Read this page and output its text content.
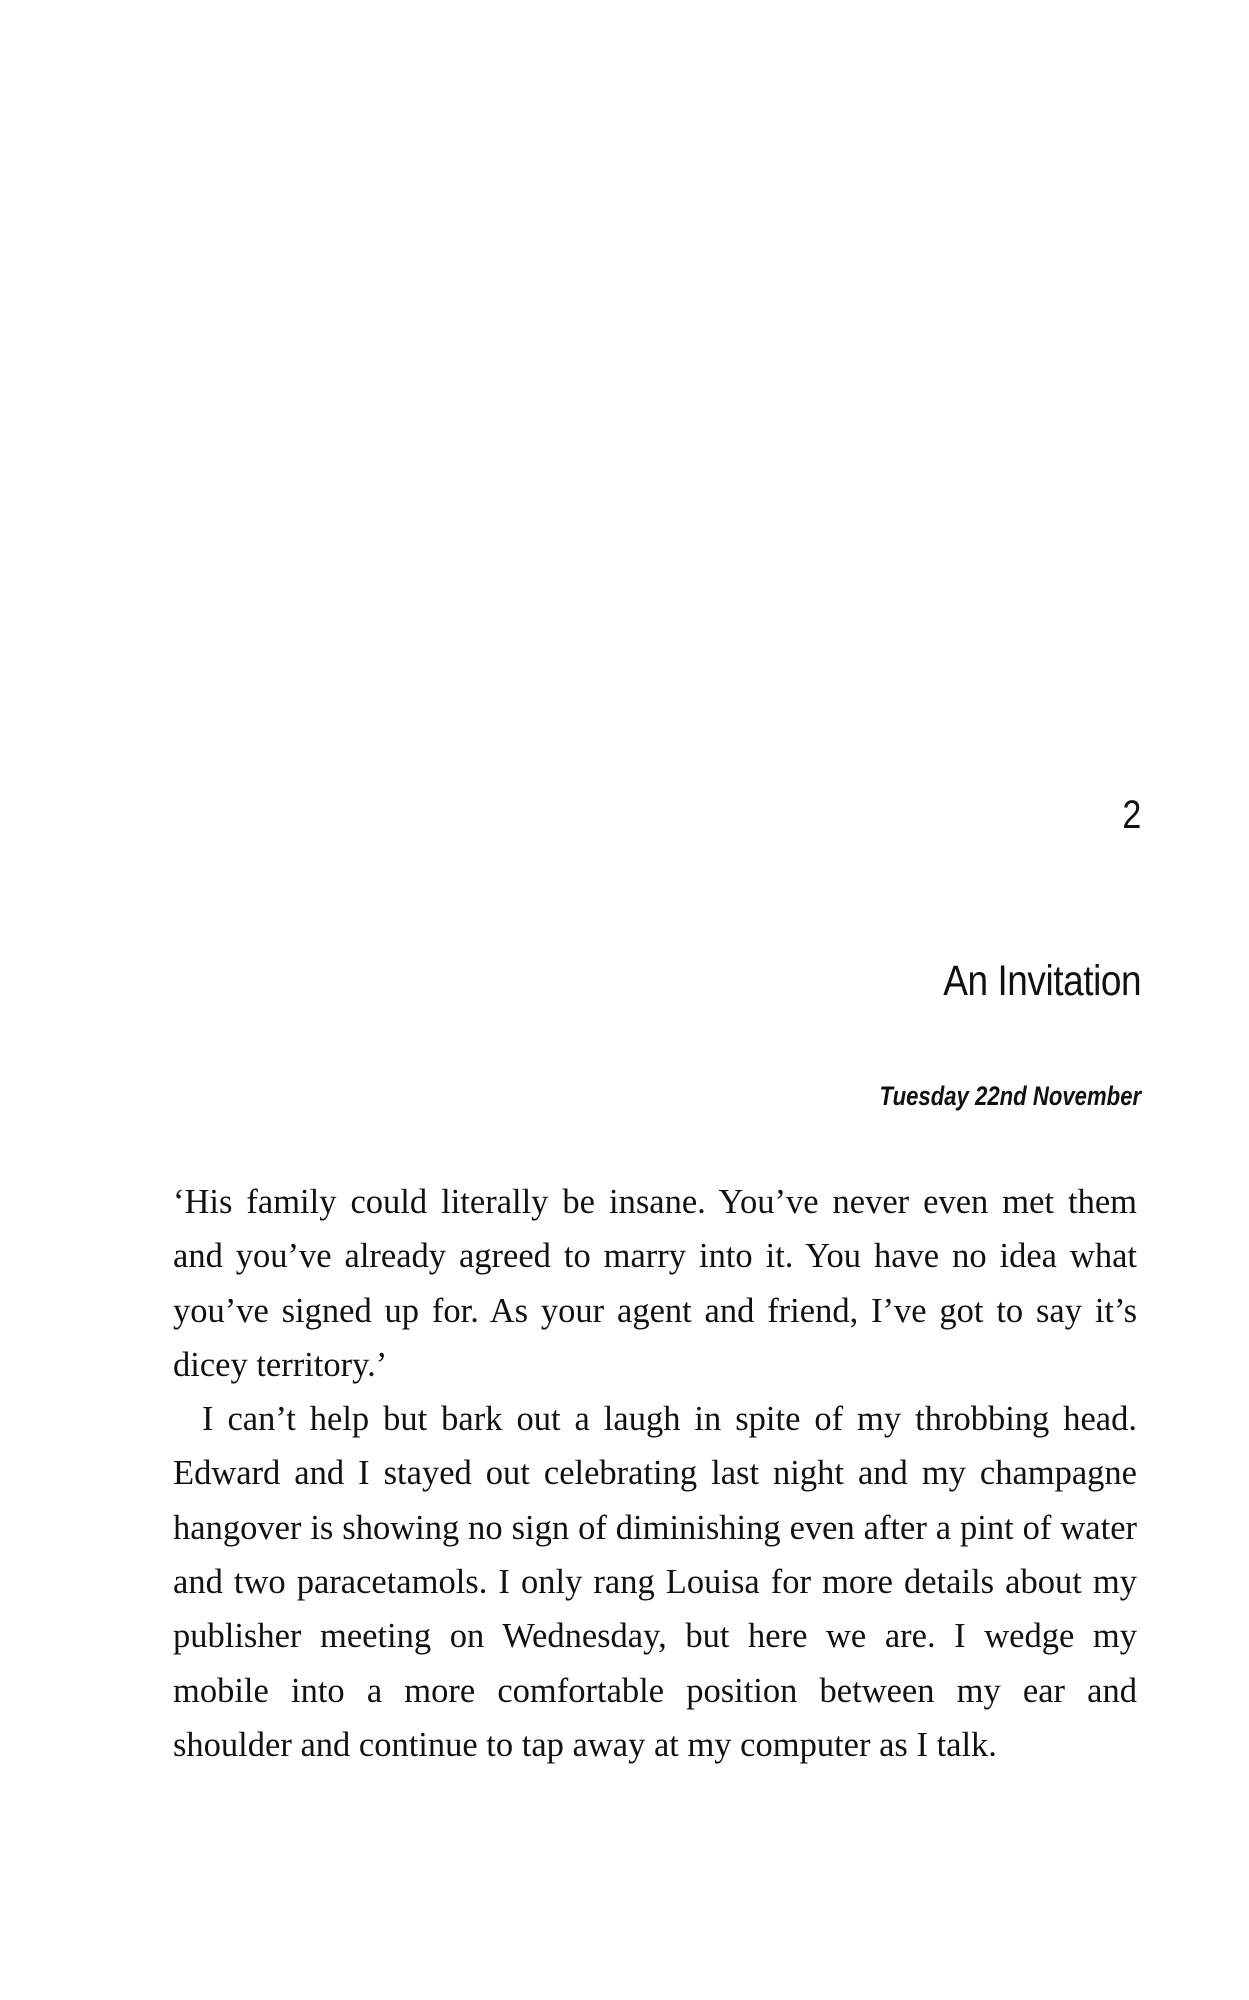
2
An Invitation
Tuesday 22nd November

‘His family could literally be insane. You’ve never even met them and you’ve already agreed to marry into it. You have no idea what you’ve signed up for. As your agent and friend, I’ve got to say it’s dicey territory.’

I can’t help but bark out a laugh in spite of my throbbing head. Edward and I stayed out celebrating last night and my champagne hangover is showing no sign of diminishing even after a pint of water and two paracetamols. I only rang Louisa for more details about my publisher meeting on Wednesday, but here we are. I wedge my mobile into a more comfortable position between my ear and shoulder and continue to tap away at my computer as I talk.
